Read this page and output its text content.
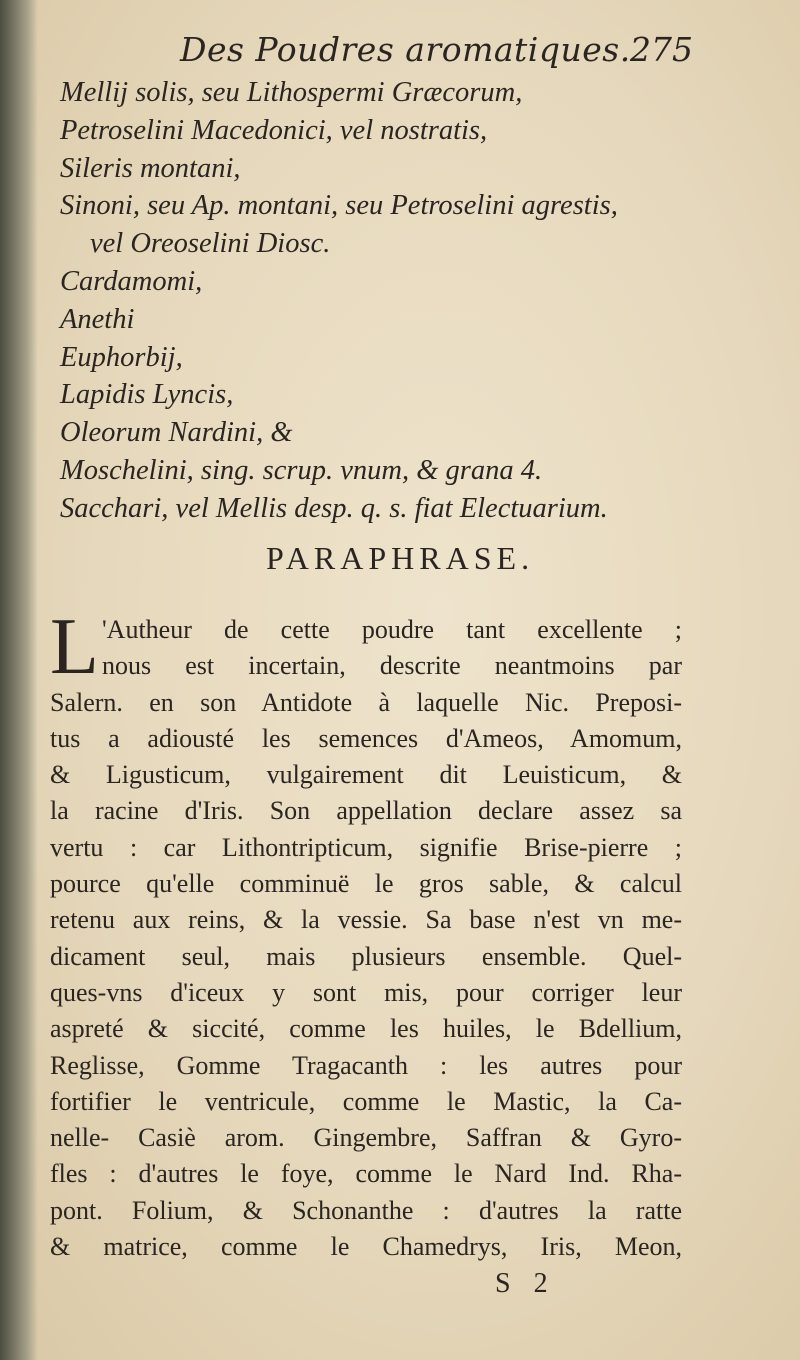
Des Poudres aromatiques. 275
Mellij solis, seu Lithospermi Græcorum,
Petroselini Macedonici, vel nostratis,
Sileris montani,
Sinoni, seu Ap. montani, seu Petroselini agrestis,
vel Oreoselini Diosc.
Cardamomi,
Anethi
Euphorbij,
Lapidis Lyncis,
Oleorum Nardini, &
Moschelini, sing. scrup. vnum, & grana 4.
Sacchari, vel Mellis desp. q. s. fiat Electuarium.
PARAPHRASE.
L 'Autheur de cette poudre tant excellente ;
nous est incertain, descrite neantmoins par
Salern. en son Antidote à laquelle Nic. Preposi-
tus a adiousté les semences d'Ameos, Amomum,
& Ligusticum, vulgairement dit Leuisticum, &
la racine d'Iris. Son appellation declare assez sa
vertu : car Lithontripticum, signifie Brise-pierre ;
pource qu'elle comminuë le gros sable, & calcul
retenu aux reins, & la vessie. Sa base n'est vn me-
dicament seul, mais plusieurs ensemble. Quel-
ques-vns d'iceux y sont mis, pour corriger leur
aspreté & siccité, comme les huiles, le Bdellium,
Reglisse, Gomme Tragacanth : les autres pour
fortifier le ventricule, comme le Mastic, la Ca-
nelle- Casiè arom. Gingembre, Saffran & Gyro-
fles : d'autres le foye, comme le Nard Ind. Rha-
pont. Folium, & Schonanthe : d'autres la ratte
& matrice, comme le Chamedrys, Iris, Meon,
S 2
